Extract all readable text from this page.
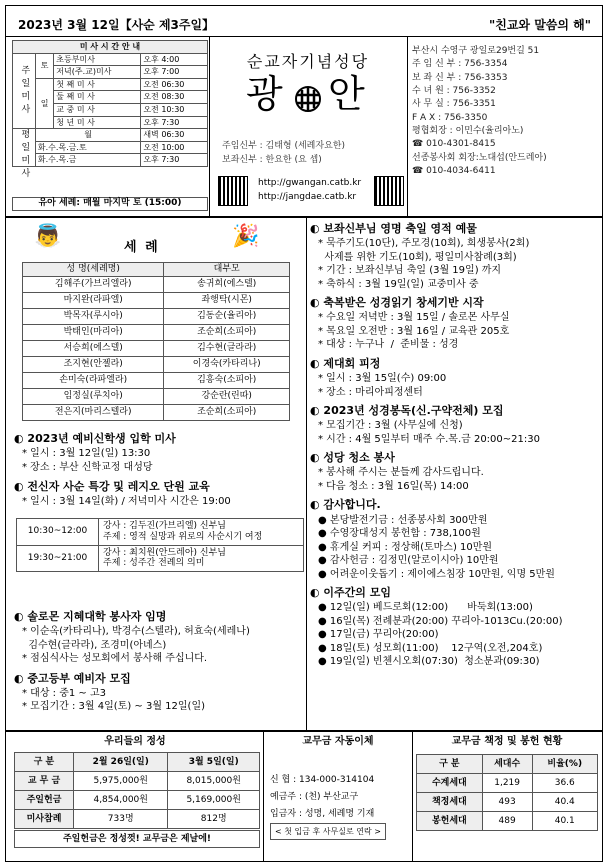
2023년 3월 12일【사순 제3주일】	"친교와 말씀의 해"
미 사 시 간 안 내			
주일미사	토	초등부미사	오후 4:00
		저녁(주.교)미사	오후 7:00
	일	첫 째 미 사	오전 06:30
		둘 째 미 사	오전 08:30
		교 중 미 사	오전 10:30
		청 년 미 사	오후 7:30
평일미사	월		새벽 06:30
	화.수.목.금.토		오전 10:00
	화.수.목.금		오후 7:30
유아 세례: 매월 마지막 토 (15:00)
순교자기념성당
광 안
주임신부 : 김태형 (세례자요한)
보좌신부 : 한요한 (요 셉)
http://gwangan.catb.kr
http://jangdae.catb.kr
부산시 수영구 광일로29번길 51
주 임 신 부 : 756-3354
보 좌 신 부 : 756-3353
수 녀 원 : 756-3352
사 무 실 : 756-3351
F A X : 756-3350
평협회장 : 이민수(율리아노)
☎ 010-4301-8415
선종봉사회 회장:노대섭(안드레아)
☎ 010-4034-6411
👼	세 례	🎉
성 명(세례명)	대부모
김해주(가브리엘라)	송귀희(에스텔)
마지완(라파엘)	좌행탁(시몬)
박목자(루시아)	김동순(율리아)
박태인(마리아)	조순희(소피아)
서승희(에스델)	김수현(글라라)
조지현(안젤라)	이경숙(카타리나)
손미숙(라파엘라)	김흥숙(소피아)
임정실(루치아)	강순란(린따)
전은지(마리스텔라)	조순희(소피아)
◐ 2023년 예비신학생 입학 미사

* 일시 : 3월 12일(일) 13:30

* 장소 : 부산 신학교정 대성당

◐ 전신자 사순 특강 및 레지오 단원 교육

* 일시 : 3월 14일(화) / 저녁미사 시간은 19:00

10:30~12:00	강사 : 김두진(가브리엘) 신부님
주제 : 영적 실망과 위로의 사순시기 여정

19:30~21:00	강사 : 최치원(안드레아) 신부님
주제 : 성주간 전례의 의미
◐ 솔로몬 지혜대학 봉사자 임명

* 이순옥(카타리나), 박경수(스텔라), 허효숙(세레나)

김수현(글라라), 조경미(아녜스)

* 점심식사는 성모회에서 봉사해 주십니다.

◐ 중고등부 예비자 모집

* 대상 : 중1 ~ 고3

* 모집기간 : 3월 4일(토) ~ 3월 12일(일)

◐ 보좌신부님 영명 축일 영적 예물

* 묵주기도(10단), 주모경(10회), 희생봉사(2회)

사제를 위한 기도(10회), 평일미사참례(3회)

* 기간 : 보좌신부님 축일 (3월 19일) 까지

* 축하식 : 3월 19일(일) 교중미사 중

◐ 축복받은 성경읽기 창세기반 시작

* 수요일 저녁반 : 3월 15일 / 솔로몬 사무실

* 목요일 오전반 : 3월 16일 / 교육관 205호

* 대상 : 누구나  /  준비물 : 성경

◐ 제대회 피정

* 일시 : 3월 15일(수) 09:00

* 장소 : 마리아피정센터

◐ 2023년 성경봉독(신.구약전체) 모집

* 모집기간 : 3월 (사무실에 신청)

* 시간 : 4월 5일부터 매주 수.목.금 20:00~21:30

◐ 성당 청소 봉사

* 봉사해 주시는 분들께 감사드립니다.

* 다음 청소 : 3월 16일(목) 14:00

◐ 감사합니다.

● 본당발전기금 : 선종봉사회 300만원

● 수영장대성지 봉헌함 : 738,100원

● 휴게실 커피 : 정상해(토마스) 10만원

● 감사헌금 : 김정민(알로이시아) 10만원

● 어려운이웃돕기 : 제이에스침장 10만원, 익명 5만원

◐ 이주간의 모임

● 12일(일) 베드로회(12:00)      바둑회(13:00)

● 16일(목) 전례분과(20:00) 꾸리아-1013Cu.(20:00)

● 17일(금) 꾸리아(20:00)

● 18일(토) 성모회(11:00)    12구역(오전,204호)

● 19일(일) 빈첸시오회(07:30)  청소분과(09:30)

우리들의 정성
구 분	2월 26일(일)	3월 5일(일)
교 무 금	5,975,000원	8,015,000원
주일헌금	4,854,000원	5,169,000원
미사참례	733명	812명
주일헌금은 정성껏! 교무금은 제날에!
교무금 자동이체
신 협 : 134-000-314104
예금주 : (천) 부산교구
입금자 : 성명, 세례명 기재
< 첫 입금 후 사무실로 연락 >
교무금 책정 및 봉헌 현황
구 분	세대수	비율(%)
수계세대	1,219	36.6
책정세대	493	40.4
봉헌세대	489	40.1
